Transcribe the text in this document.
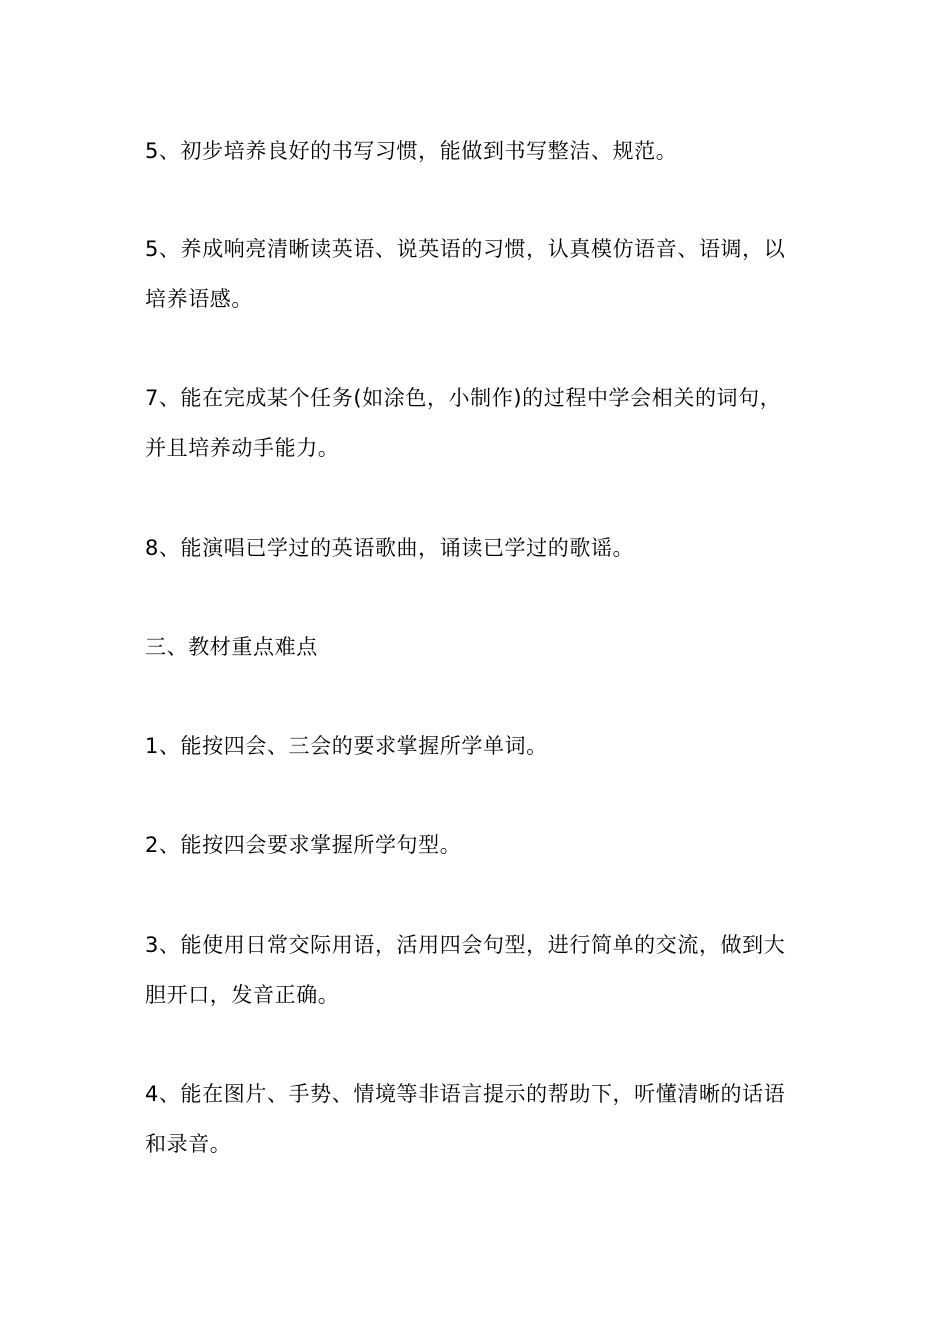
5、初步培养良好的书写习惯，能做到书写整洁、规范。
5、养成响亮清晰读英语、说英语的习惯，认真模仿语音、语调，以
培养语感。
7、能在完成某个任务(如涂色，小制作)的过程中学会相关的词句，
并且培养动手能力。
8、能演唱已学过的英语歌曲，诵读已学过的歌谣。
三、教材重点难点
1、能按四会、三会的要求掌握所学单词。
2、能按四会要求掌握所学句型。
3、能使用日常交际用语，活用四会句型，进行简单的交流，做到大
胆开口，发音正确。
4、能在图片、手势、情境等非语言提示的帮助下，听懂清晰的话语
和录音。
